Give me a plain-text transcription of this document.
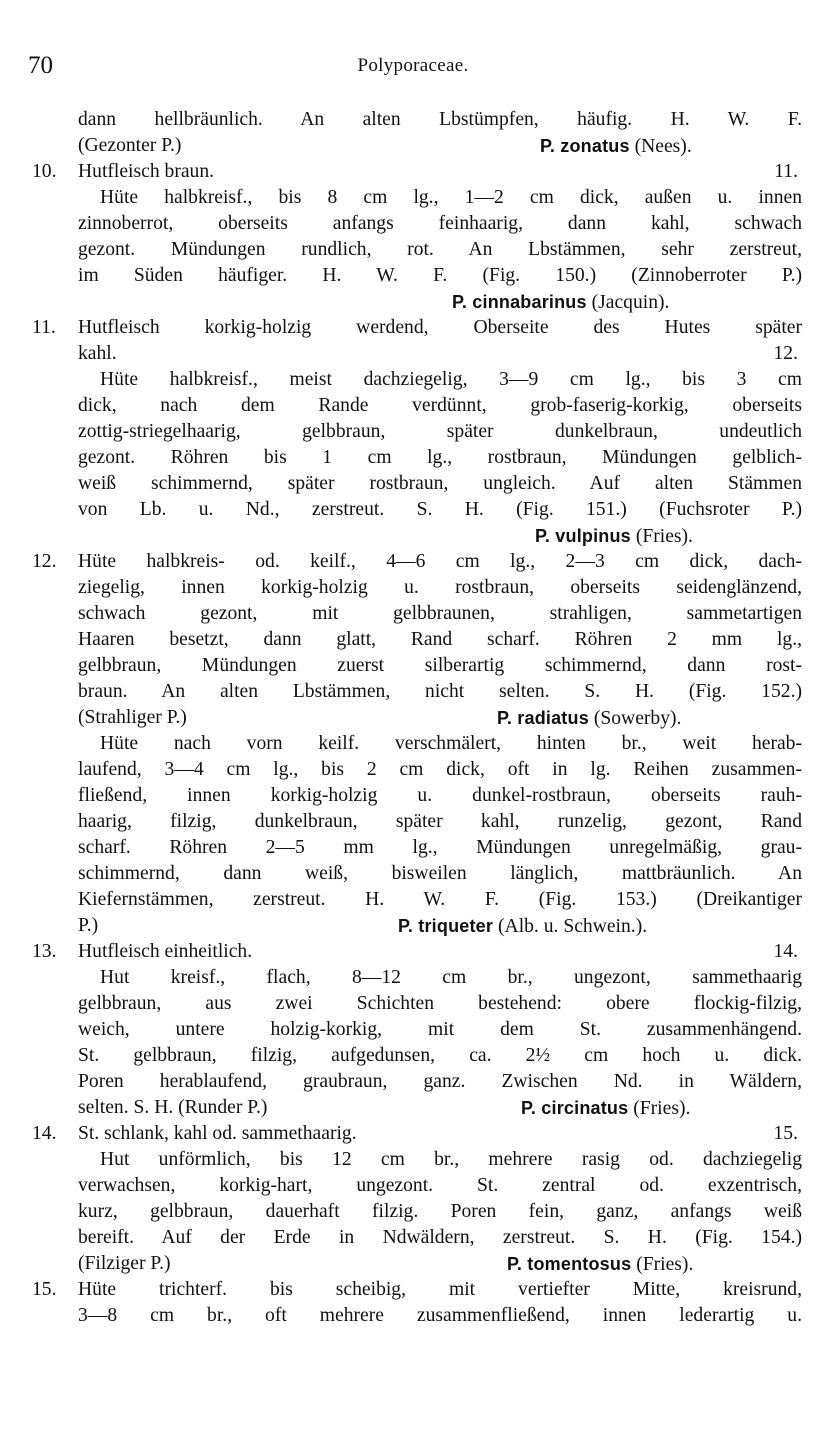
70	Polyporaceae.
dann hellbräunlich. An alten Lbstümpfen, häufig. H. W. F.
(Gezonter P.)	P. zonatus (Nees).
10. Hutfleisch braun.	11.
Hüte halbkreisf., bis 8 cm lg., 1—2 cm dick, außen u. innen
zinnoberrot, oberseits anfangs feinhaarig, dann kahl, schwach
gezont. Mündungen rundlich, rot. An Lbstämmen, sehr zerstreut,
im Süden häufiger. H. W. F. (Fig. 150.) (Zinnoberroter P.)
P. cinnabarinus (Jacquin).
11. Hutfleisch korkig-holzig werdend, Oberseite des Hutes später
kahl.	12.
Hüte halbkreisf., meist dachziegelig, 3—9 cm lg., bis 3 cm
dick, nach dem Rande verdünnt, grob-faserig-korkig, oberseits
zottig-striegelhaarig, gelbbraun, später dunkelbraun, undeutlich
gezont. Röhren bis 1 cm lg., rostbraun, Mündungen gelblich-
weiß schimmernd, später rostbraun, ungleich. Auf alten Stämmen
von Lb. u. Nd., zerstreut. S. H. (Fig. 151.) (Fuchsroter P.)
P. vulpinus (Fries).
12. Hüte halbkreis- od. keilf., 4—6 cm lg., 2—3 cm dick, dach-
ziegelig, innen korkig-holzig u. rostbraun, oberseits seidenglänzend,
schwach gezont, mit gelbbraunen, strahligen, sammetartigen
Haaren besetzt, dann glatt, Rand scharf. Röhren 2 mm lg.,
gelbbraun, Mündungen zuerst silberartig schimmernd, dann rost-
braun. An alten Lbstämmen, nicht selten. S. H. (Fig. 152.)
(Strahliger P.)	P. radiatus (Sowerby).
Hüte nach vorn keilf. verschmälert, hinten br., weit herab-
laufend, 3—4 cm lg., bis 2 cm dick, oft in lg. Reihen zusammen-
fließend, innen korkig-holzig u. dunkel-rostbraun, oberseits rauh-
haarig, filzig, dunkelbraun, später kahl, runzelig, gezont, Rand
scharf. Röhren 2—5 mm lg., Mündungen unregelmäßig, grau-
schimmernd, dann weiß, bisweilen länglich, mattbräunlich. An
Kiefernstämmen, zerstreut. H. W. F. (Fig. 153.) (Dreikantiger
P.)	P. triqueter (Alb. u. Schwein.).
13. Hutfleisch einheitlich.	14.
Hut kreisf., flach, 8—12 cm br., ungezont, sammethaarig
gelbbraun, aus zwei Schichten bestehend: obere flockig-filzig,
weich, untere holzig-korkig, mit dem St. zusammenhängend.
St. gelbbraun, filzig, aufgedunsen, ca. 2½ cm hoch u. dick.
Poren herablaufend, graubraun, ganz. Zwischen Nd. in Wäldern,
selten. S. H. (Runder P.)	P. circinatus (Fries).
14. St. schlank, kahl od. sammethaarig.	15.
Hut unförmlich, bis 12 cm br., mehrere rasig od. dachziegelig
verwachsen, korkig-hart, ungezont. St. zentral od. exzentrisch,
kurz, gelbbraun, dauerhaft filzig. Poren fein, ganz, anfangs weiß
bereift. Auf der Erde in Ndwäldern, zerstreut. S. H. (Fig. 154.)
(Filziger P.)	P. tomentosus (Fries).
15. Hüte trichterf. bis scheibig, mit vertiefter Mitte, kreisrund,
3—8 cm br., oft mehrere zusammenfließend, innen lederartig u.
